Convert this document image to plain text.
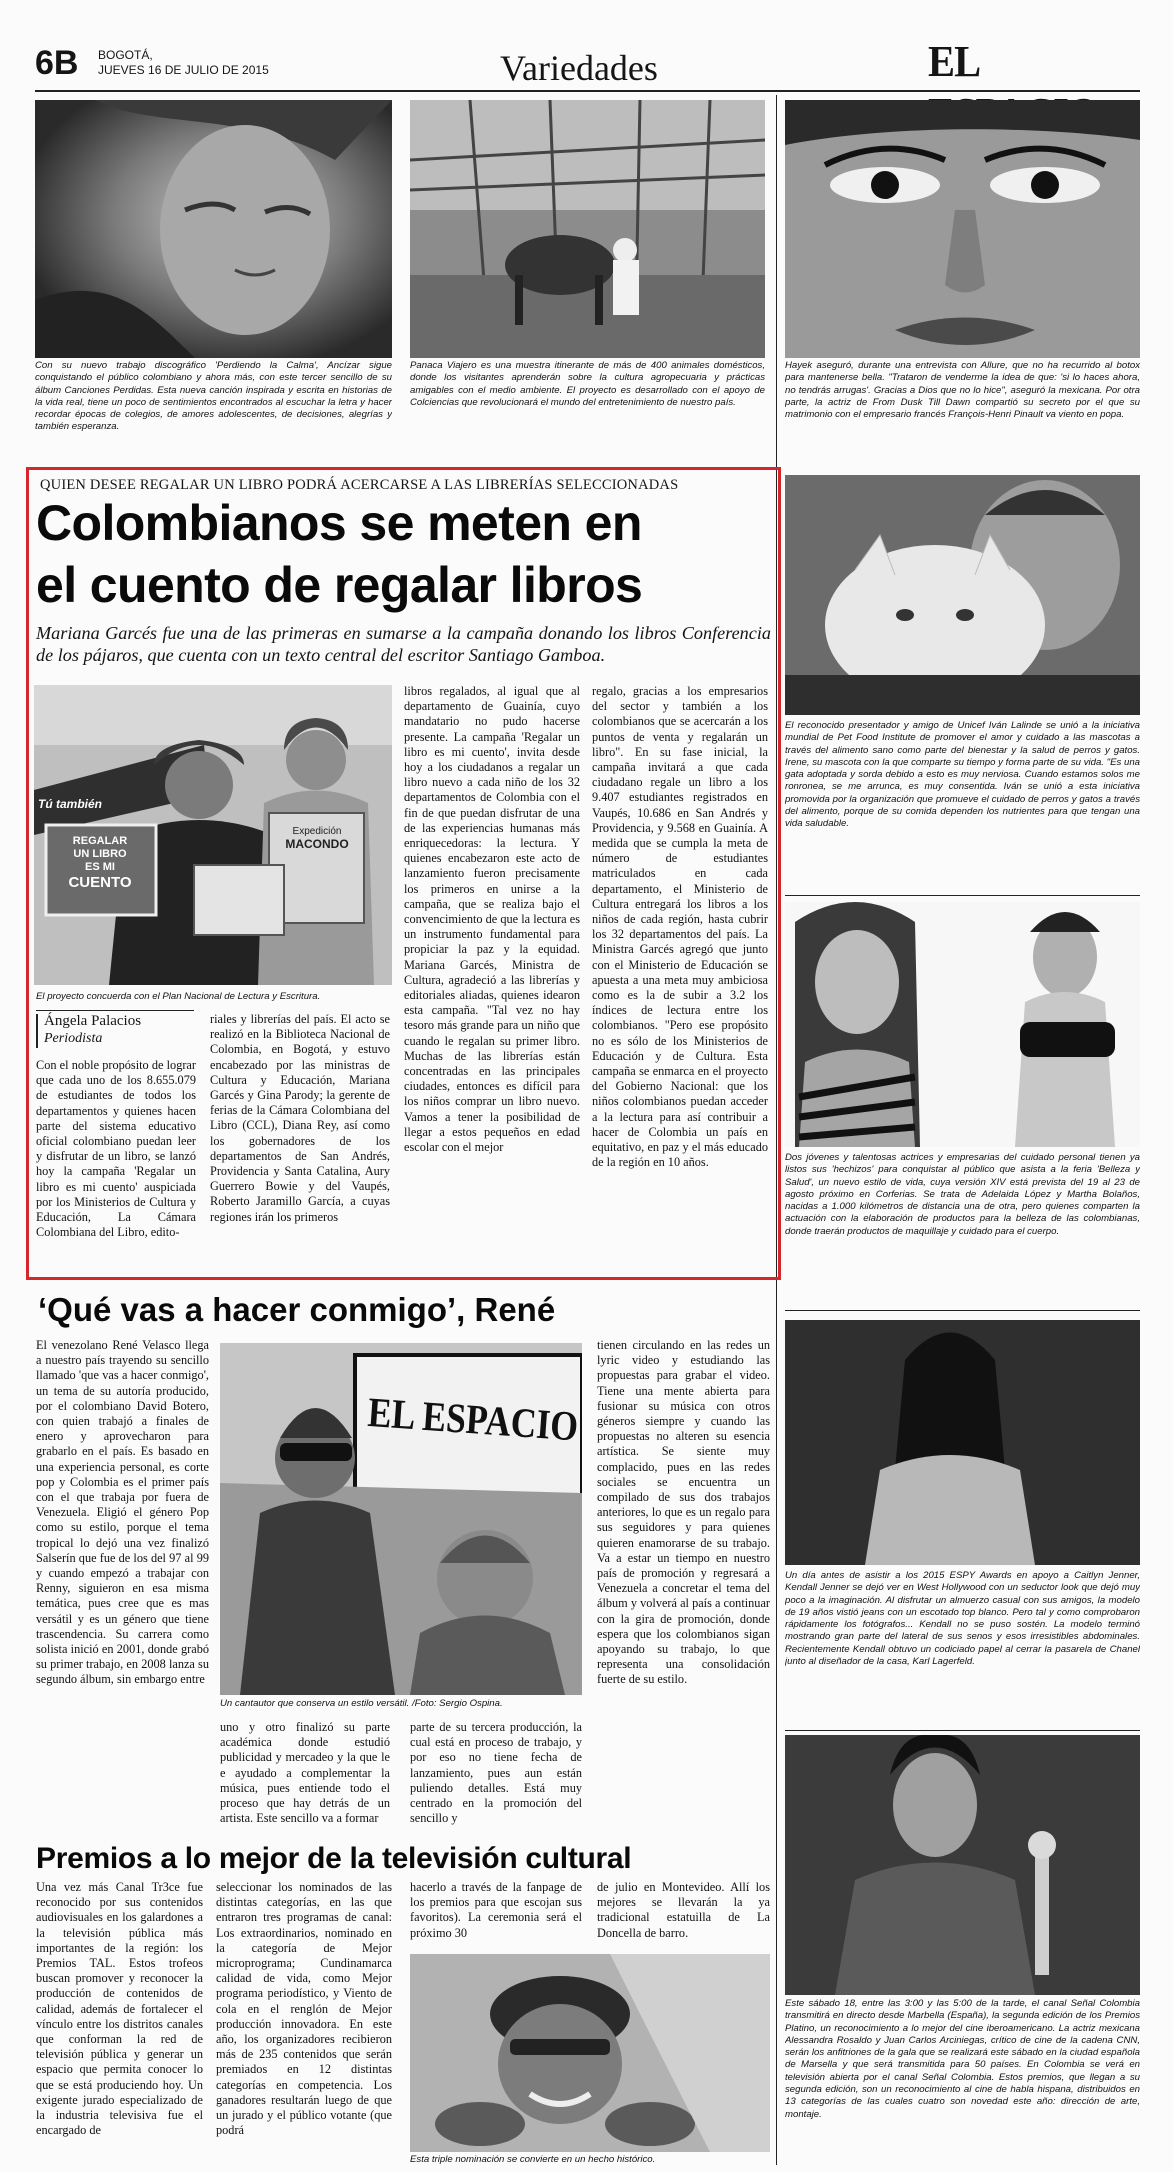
6B BOGOTÁ,
JUEVES 16 DE JULIO DE 2015	Variedades	EL
Con su nuevo trabajo discográfico 'Perdiendo la Calma', Ancízar sigue conquistando el público colombiano y ahora más, con este tercer sencillo de su álbum Canciones Perdidas. Esta nueva canción inspirada y escrita en historias de la vida real, tiene un poco de sentimientos encontrados al escuchar la letra y hacer recordar épocas de colegios, de amores adolescentes, de decisiones, alegrías y también esperanza.
Panaca Viajero es una muestra itinerante de más de 400 animales domésticos, donde los visitantes aprenderán sobre la cultura agropecuaria y prácticas amigables con el medio ambiente. El proyecto es desarrollado con el apoyo de Colciencias que revolucionará el mundo del entretenimiento de nuestro país.
Hayek aseguró, durante una entrevista con Allure, que no ha recurrido al botox para mantenerse bella. "Trataron de venderme la idea de que: 'si lo haces ahora, no tendrás arrugas'. Gracias a Dios que no lo hice", aseguró la mexicana. Por otra parte, la actriz de From Dusk Till Dawn compartió su secreto por el que su matrimonio con el empresario francés François-Henri Pinault va viento en popa.
QUIEN DESEE REGALAR UN LIBRO PODRÁ ACERCARSE A LAS LIBRERÍAS SELECCIONADAS
Colombianos se meten en
el cuento de regalar libros
Mariana Garcés fue una de las primeras en sumarse a la campaña donando los libros Conferencia de los pájaros, que cuenta con un texto central del escritor Santiago Gamboa.
Tú también
REGALAR
UN LIBRO
ES MI
CUENTO
Expedición
MACONDO
El proyecto concuerda con el Plan Nacional de Lectura y Escritura.
Ángela Palacios
Periodista
Con el noble propósito de lograr que cada uno de los 8.655.079 de estudiantes de todos los departamentos y quienes hacen parte del sistema educativo oficial colombiano puedan leer y disfrutar de un libro, se lanzó hoy la campaña 'Regalar un libro es mi cuento' auspiciada por los Ministerios de Cultura y Educación, La Cámara Colombiana del Libro, edito-
riales y librerías del país. El acto se realizó en la Biblioteca Nacional de Colombia, en Bogotá, y estuvo encabezado por las ministras de Cultura y Educación, Mariana Garcés y Gina Parody; la gerente de ferias de la Cámara Colombiana del Libro (CCL), Diana Rey, así como los gobernadores de los departamentos de San Andrés, Providencia y Santa Catalina, Aury Guerrero Bowie y del Vaupés, Roberto Jaramillo García, a cuyas regiones irán los primeros
libros regalados, al igual que al departamento de Guainía, cuyo mandatario no pudo hacerse presente. La campaña 'Regalar un libro es mi cuento', invita desde hoy a los ciudadanos a regalar un libro nuevo a cada niño de los 32 departamentos de Colombia con el fin de que puedan disfrutar de una de las experiencias humanas más enriquecedoras: la lectura. Y quienes encabezaron este acto de lanzamiento fueron precisamente los primeros en unirse a la campaña, que se realiza bajo el convencimiento de que la lectura es un instrumento fundamental para propiciar la paz y la equidad. Mariana Garcés, Ministra de Cultura, agradeció a las librerías y editoriales aliadas, quienes idearon esta campaña. "Tal vez no hay tesoro más grande para un niño que cuando le regalan su primer libro. Muchas de las librerías están concentradas en las principales ciudades, entonces es difícil para los niños comprar un libro nuevo. Vamos a tener la posibilidad de llegar a estos pequeños en edad escolar con el mejor
regalo, gracias a los empresarios del sector y también a los colombianos que se acercarán a los puntos de venta y regalarán un libro". En su fase inicial, la campaña invitará a que cada ciudadano regale un libro a los 9.407 estudiantes registrados en Vaupés, 10.686 en San Andrés y Providencia, y 9.568 en Guainía. A medida que se cumpla la meta de número de estudiantes matriculados en cada departamento, el Ministerio de Cultura entregará los libros a los niños de cada región, hasta cubrir los 32 departamentos del país. La Ministra Garcés agregó que junto con el Ministerio de Educación se apuesta a una meta muy ambiciosa como es la de subir a 3.2 los índices de lectura entre los colombianos. "Pero ese propósito no es sólo de los Ministerios de Educación y de Cultura. Esta campaña se enmarca en el proyecto del Gobierno Nacional: que los niños colombianos puedan acceder a la lectura para así contribuir a hacer de Colombia un país en equitativo, en paz y el más educado de la región en 10 años.
‘Qué vas a hacer conmigo’, René
El venezolano René Velasco llega a nuestro país trayendo su sencillo llamado 'que vas a hacer conmigo', un tema de su autoría producido, por el colombiano David Botero, con quien trabajó a finales de enero y aprovecharon para grabarlo en el país. Es basado en una experiencia personal, es corte pop y Colombia es el primer país con el que trabaja por fuera de Venezuela. Eligió el género Pop como su estilo, porque el tema tropical lo dejó una vez finalizó Salserín que fue de los del 97 al 99 y cuando empezó a trabajar con Renny, siguieron en esa misma temática, pues cree que es mas versátil y es un género que tiene trascendencia. Su carrera como solista inició en 2001, donde grabó su primer trabajo, en 2008 lanza su segundo álbum, sin embargo entre
EL ESPACIO
Un cantautor que conserva un estilo versátil. /Foto: Sergio Ospina.
uno y otro finalizó su parte académica donde estudió publicidad y mercadeo y la que le e ayudado a complementar la música, pues entiende todo el proceso que hay detrás de un artista. Este sencillo va a formar
parte de su tercera producción, la cual está en proceso de trabajo, y por eso no tiene fecha de lanzamiento, pues aun están puliendo detalles. Está muy centrado en la promoción del sencillo y
tienen circulando en las redes un lyric video y estudiando las propuestas para grabar el video. Tiene una mente abierta para fusionar su música con otros géneros siempre y cuando las propuestas no alteren su esencia artística. Se siente muy complacido, pues en las redes sociales se encuentra un compilado de sus dos trabajos anteriores, lo que es un regalo para sus seguidores y para quienes quieren enamorarse de su trabajo. Va a estar un tiempo en nuestro país de promoción y regresará a Venezuela a concretar el tema del álbum y volverá al país a continuar con la gira de promoción, donde espera que los colombianos sigan apoyando su trabajo, lo que representa una consolidación fuerte de su estilo.
Premios a lo mejor de la televisión cultural
Una vez más Canal Tr3ce fue reconocido por sus contenidos audiovisuales en los galardones a la televisión pública más importantes de la región: los Premios TAL. Estos trofeos buscan promover y reconocer la producción de contenidos de calidad, además de fortalecer el vínculo entre los distritos canales que conforman la red de televisión pública y generar un espacio que permita conocer lo que se está produciendo hoy. Un exigente jurado especializado de la industria televisiva fue el encargado de
seleccionar los nominados de las distintas categorías, en las que entraron tres programas de canal: Los extraordinarios, nominado en la categoría de Mejor microprograma; Cundinamarca calidad de vida, como Mejor programa periodístico, y Viento de cola en el renglón de Mejor producción innovadora. En este año, los organizadores recibieron más de 235 contenidos que serán premiados en 12 distintas categorías en competencia. Los ganadores resultarán luego de que un jurado y el público votante (que podrá
hacerlo a través de la fanpage de los premios para que escojan sus favoritos). La ceremonia será el próximo 30
de julio en Montevideo. Allí los mejores se llevarán la ya tradicional estatuilla de La Doncella de barro.
Esta triple nominación se convierte en un hecho histórico.
El reconocido presentador y amigo de Unicef Iván Lalinde se unió a la iniciativa mundial de Pet Food Institute de promover el amor y cuidado a las mascotas a través del alimento sano como parte del bienestar y la salud de perros y gatos. Irene, su mascota con la que comparte su tiempo y forma parte de su vida. "Es una gata adoptada y sorda debido a esto es muy nerviosa. Cuando estamos solos me ronronea, se me arrunca, es muy consentida. Iván se unió a esta iniciativa promovida por la organización que promueve el cuidado de perros y gatos a través del alimento, porque de su comida dependen los nutrientes para que tengan una vida saludable.
Dos jóvenes y talentosas actrices y empresarias del cuidado personal tienen ya listos sus 'hechizos' para conquistar al público que asista a la feria 'Belleza y Salud', un nuevo estilo de vida, cuya versión XIV está prevista del 19 al 23 de agosto próximo en Corferias. Se trata de Adelaida López y Martha Bolaños, nacidas a 1.000 kilómetros de distancia una de otra, pero quienes comparten la actuación con la elaboración de productos para la belleza de las colombianas, donde traerán productos de maquillaje y cuidado para el cuerpo.
Un día antes de asistir a los 2015 ESPY Awards en apoyo a Caitlyn Jenner, Kendall Jenner se dejó ver en West Hollywood con un seductor look que dejó muy poco a la imaginación. Al disfrutar un almuerzo casual con sus amigos, la modelo de 19 años vistió jeans con un escotado top blanco. Pero tal y como comprobaron rápidamente los fotógrafos... Kendall no se puso sostén. La modelo terminó mostrando gran parte del lateral de sus senos y esos irresistibles abdominales. Recientemente Kendall obtuvo un codiciado papel al cerrar la pasarela de Chanel junto al diseñador de la casa, Karl Lagerfeld.
Este sábado 18, entre las 3:00 y las 5:00 de la tarde, el canal Señal Colombia transmitirá en directo desde Marbella (España), la segunda edición de los Premios Platino, un reconocimiento a lo mejor del cine iberoamericano. La actriz mexicana Alessandra Rosaldo y Juan Carlos Arciniegas, crítico de cine de la cadena CNN, serán los anfitriones de la gala que se realizará este sábado en la ciudad española de Marsella y que será transmitida para 50 países. En Colombia se verá en televisión abierta por el canal Señal Colombia. Estos premios, que llegan a su segunda edición, son un reconocimiento al cine de habla hispana, distribuidos en 13 categorías de las cuales cuatro son novedad este año: dirección de arte, montaje.
